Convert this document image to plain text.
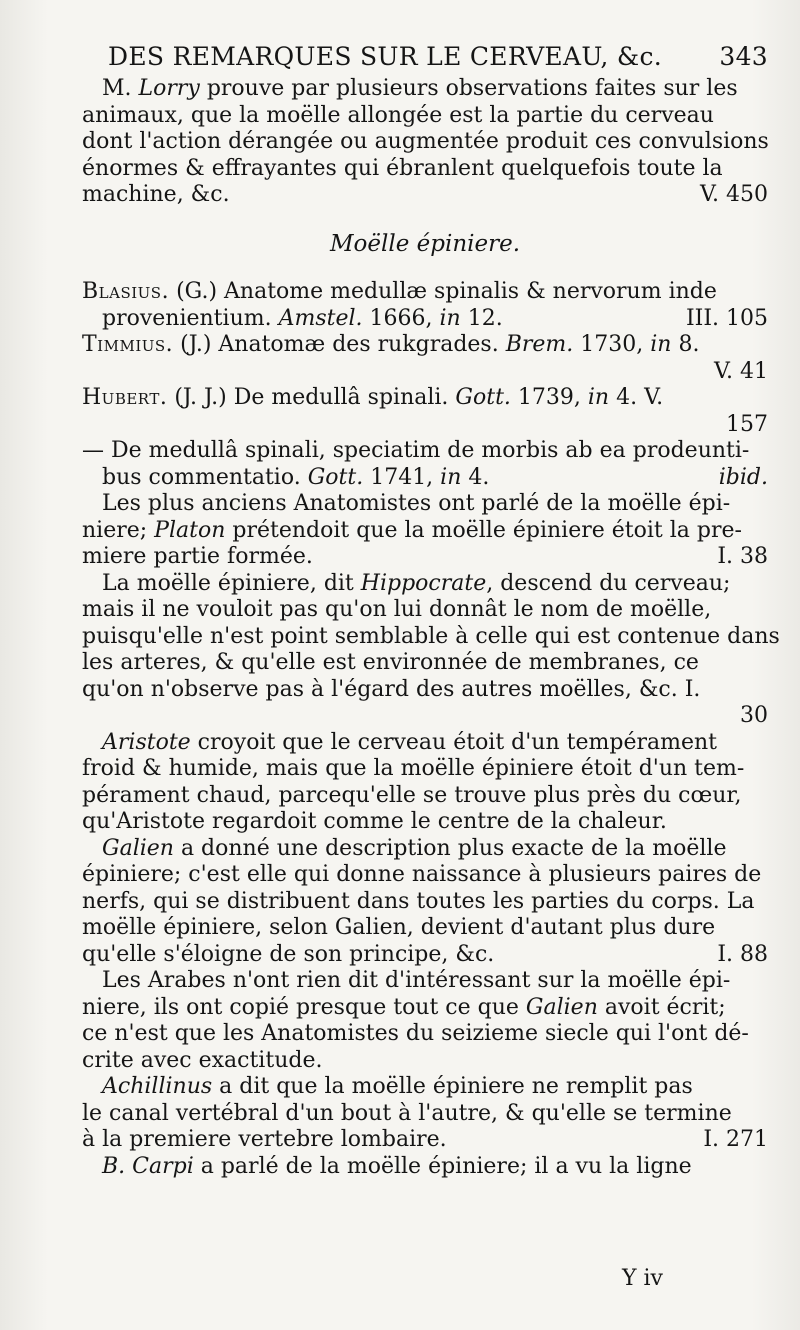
DES REMARQUES SUR LE CERVEAU, &c. 343
M. Lorry prouve par plusieurs observations faites sur les
animaux, que la moëlle allongée est la partie du cerveau
dont l'action dérangée ou augmentée produit ces convulsions
énormes & effrayantes qui ébranlent quelquefois toute la
machine, &c.	V. 450
Moëlle épiniere.
Blasius. (G.) Anatome medullæ spinalis & nervorum inde
provenientium. Amstel. 1666, in 12.	III. 105
Timmius. (J.) Anatomæ des rukgrades. Brem. 1730, in 8.
V. 41
Hubert. (J. J.) De medullâ spinali. Gott. 1739, in 4. V.
157
— De medullâ spinali, speciatim de morbis ab ea prodeunti-
bus commentatio. Gott. 1741, in 4.	ibid.
Les plus anciens Anatomistes ont parlé de la moëlle épi-
niere; Platon prétendoit que la moëlle épiniere étoit la pre-
miere partie formée.	I. 38
La moëlle épiniere, dit Hippocrate, descend du cerveau;
mais il ne vouloit pas qu'on lui donnât le nom de moëlle,
puisqu'elle n'est point semblable à celle qui est contenue dans
les arteres, & qu'elle est environnée de membranes, ce
qu'on n'observe pas à l'égard des autres moëlles, &c. I.
30
Aristote croyoit que le cerveau étoit d'un tempérament
froid & humide, mais que la moëlle épiniere étoit d'un tem-
pérament chaud, parcequ'elle se trouve plus près du cœur,
qu'Aristote regardoit comme le centre de la chaleur.
Galien a donné une description plus exacte de la moëlle
épiniere; c'est elle qui donne naissance à plusieurs paires de
nerfs, qui se distribuent dans toutes les parties du corps. La
moëlle épiniere, selon Galien, devient d'autant plus dure
qu'elle s'éloigne de son principe, &c.	I. 88
Les Arabes n'ont rien dit d'intéressant sur la moëlle épi-
niere, ils ont copié presque tout ce que Galien avoit écrit;
ce n'est que les Anatomistes du seizieme siecle qui l'ont dé-
crite avec exactitude.
Achillinus a dit que la moëlle épiniere ne remplit pas
le canal vertébral d'un bout à l'autre, & qu'elle se termine
à la premiere vertebre lombaire.	I. 271
B. Carpi a parlé de la moëlle épiniere; il a vu la ligne
Y iv
